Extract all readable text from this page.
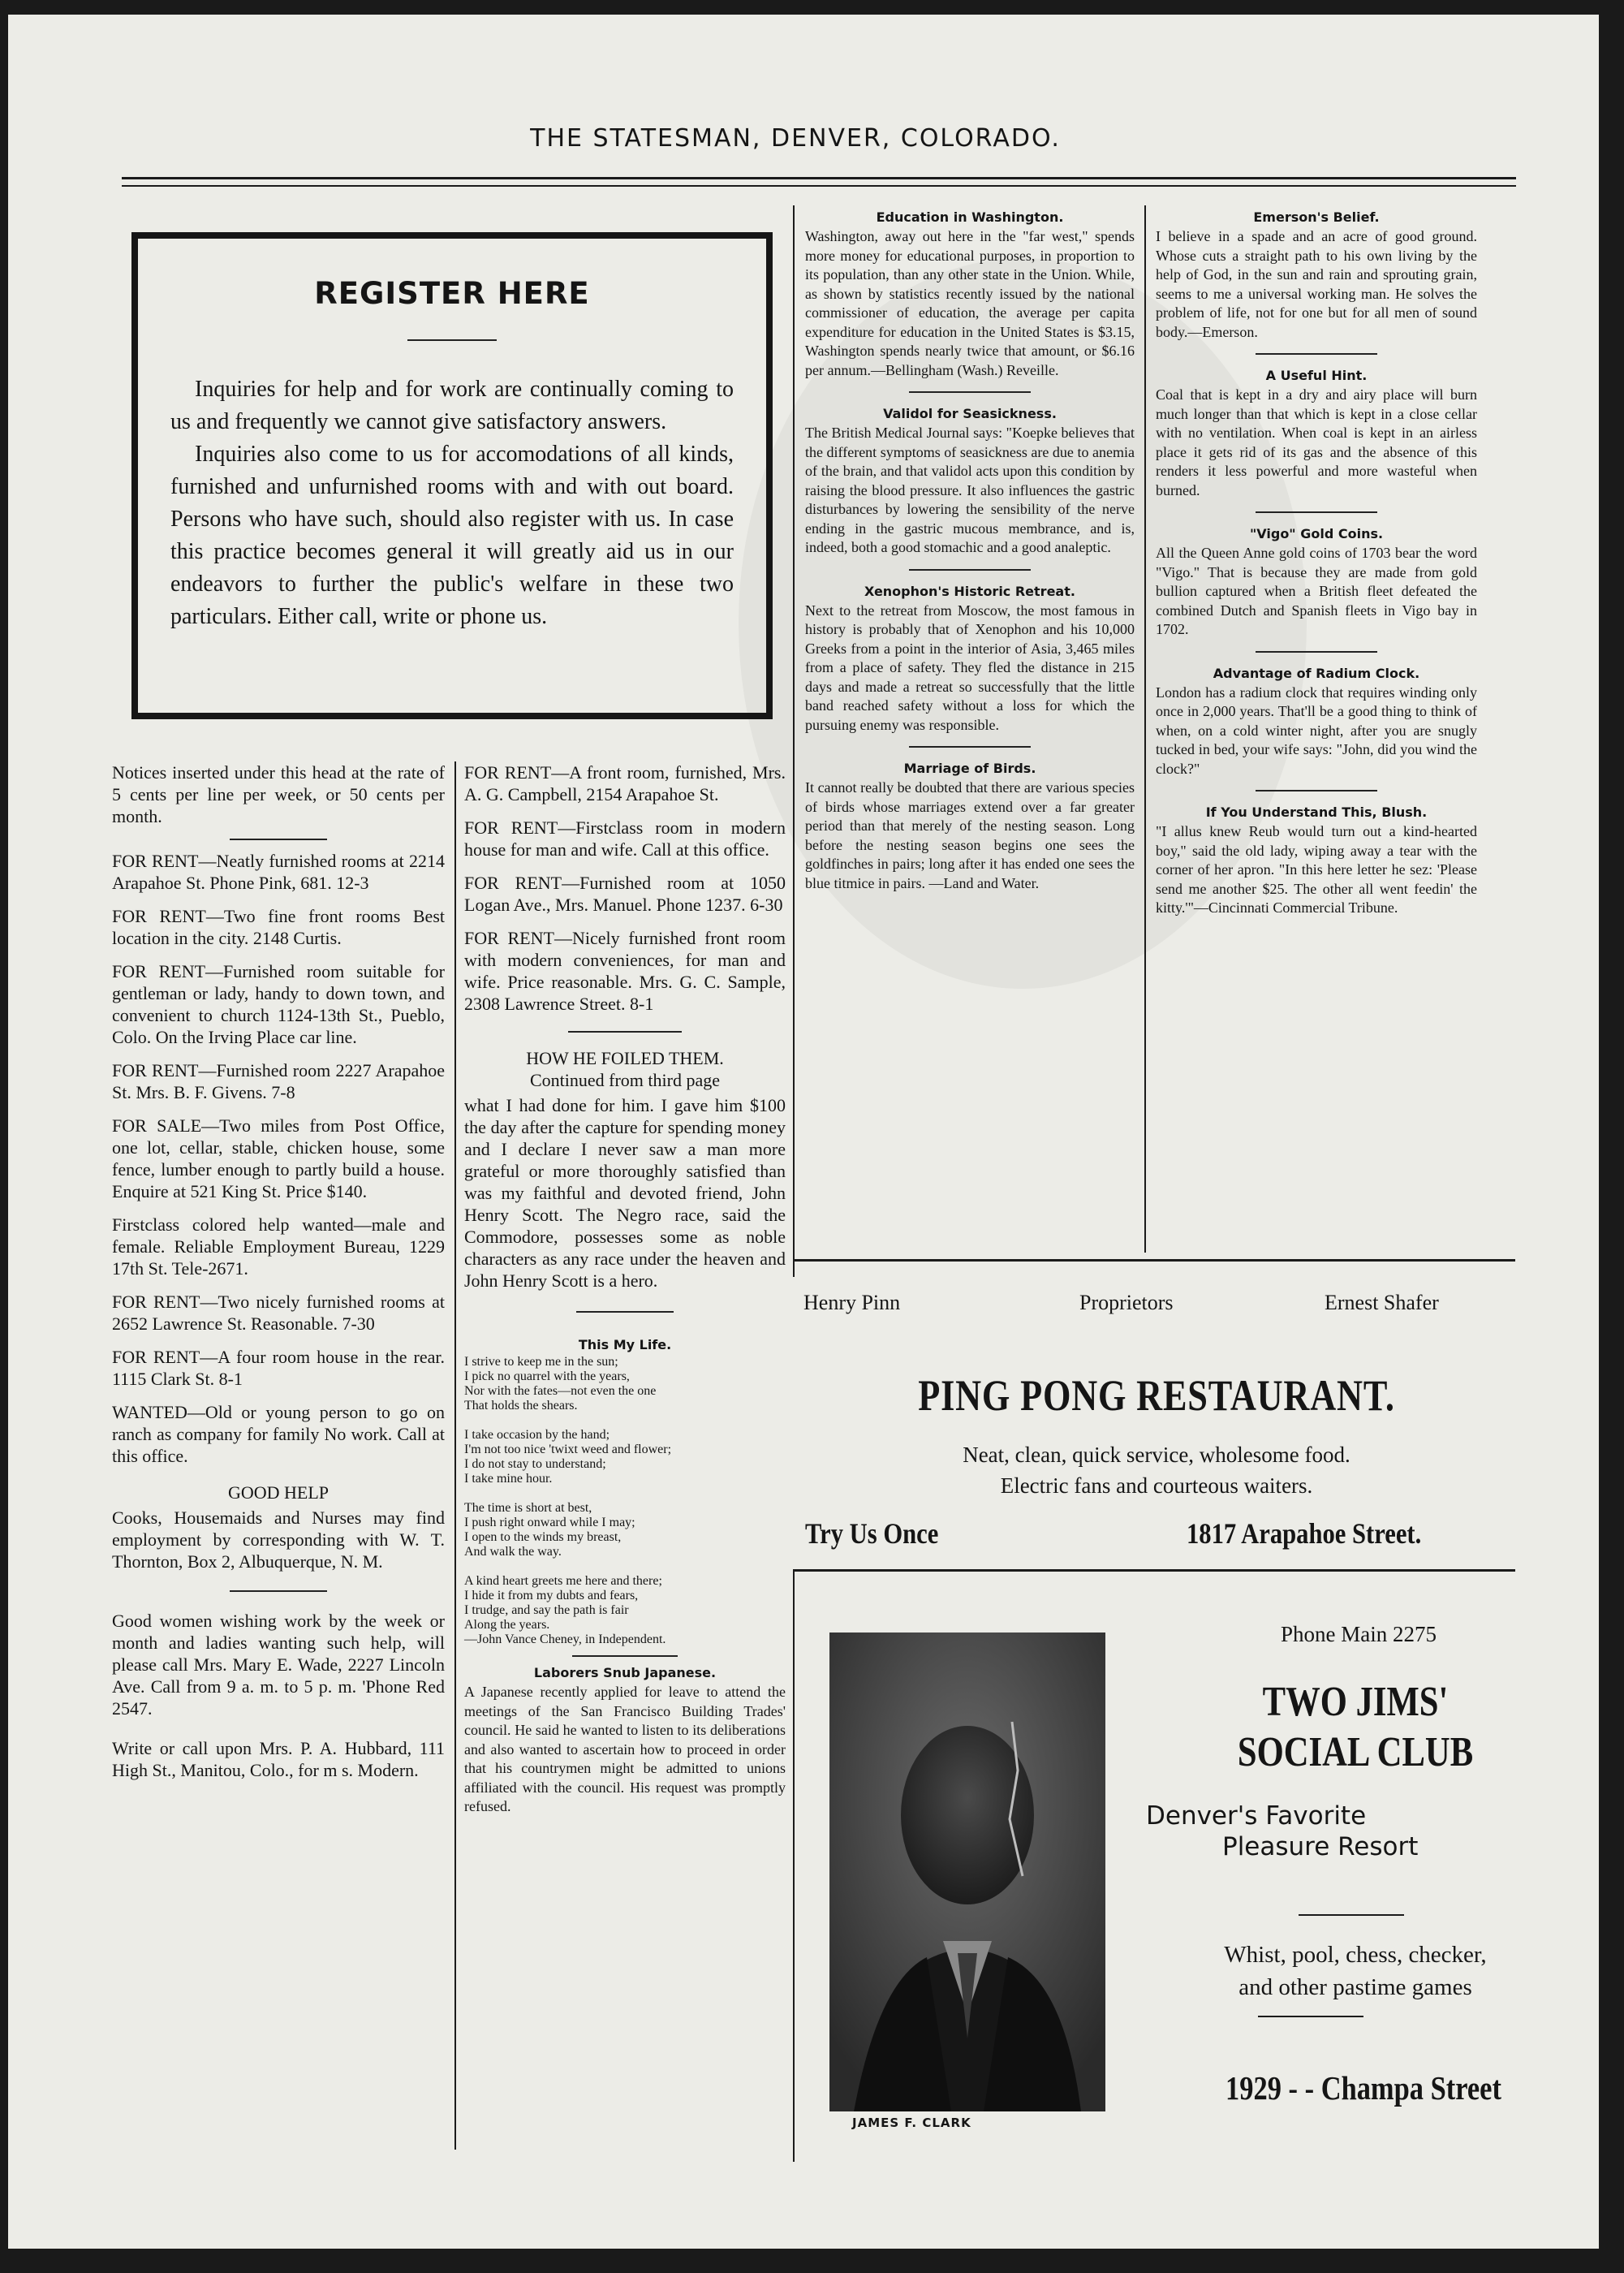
THE STATESMAN, DENVER, COLORADO.
REGISTER HERE

Inquiries for help and for work are continually coming to us and frequently we cannot give satisfactory answers.

Inquiries also come to us for accomodations of all kinds, furnished and unfurnished rooms with and with out board. Persons who have such, should also register with us. In case this practice becomes general it will greatly aid us in our endeavors to further the public's welfare in these two particulars. Either call, write or phone us.

Notices inserted under this head at the rate of 5 cents per line per week, or 50 cents per month.

FOR RENT—Neatly furnished rooms at 2214 Arapahoe St. Phone Pink, 681. 12-3

FOR RENT—Two fine front rooms Best location in the city. 2148 Curtis.

FOR RENT—Furnished room suitable for gentleman or lady, handy to down town, and convenient to church 1124-13th St., Pueblo, Colo. On the Irving Place car line.

FOR RENT—Furnished room 2227 Arapahoe St. Mrs. B. F. Givens. 7-8

FOR SALE—Two miles from Post Office, one lot, cellar, stable, chicken house, some fence, lumber enough to partly build a house. Enquire at 521 King St. Price $140.

Firstclass colored help wanted—male and female. Reliable Employment Bureau, 1229 17th St. Tele-2671.

FOR RENT—Two nicely furnished rooms at 2652 Lawrence St. Reasonable. 7-30

FOR RENT—A four room house in the rear. 1115 Clark St. 8-1

WANTED—Old or young person to go on ranch as company for family No work. Call at this office.

GOOD HELP

Cooks, Housemaids and Nurses may find employment by corresponding with W. T. Thornton, Box 2, Albuquerque, N. M.

Good women wishing work by the week or month and ladies wanting such help, will please call Mrs. Mary E. Wade, 2227 Lincoln Ave. Call from 9 a. m. to 5 p. m. 'Phone Red 2547.

Write or call upon Mrs. P. A. Hubbard, 111 High St., Manitou, Colo., for m s. Modern.

FOR RENT—A front room, furnished, Mrs. A. G. Campbell, 2154 Arapahoe St.

FOR RENT—Firstclass room in modern house for man and wife. Call at this office.

FOR RENT—Furnished room at 1050 Logan Ave., Mrs. Manuel. Phone 1237. 6-30

FOR RENT—Nicely furnished front room with modern conveniences, for man and wife. Price reasonable. Mrs. G. C. Sample, 2308 Lawrence Street. 8-1

HOW HE FOILED THEM.

Continued from third page

what I had done for him. I gave him $100 the day after the capture for spending money and I declare I never saw a man more grateful or more thoroughly satisfied than was my faithful and devoted friend, John Henry Scott. The Negro race, said the Commodore, possesses some as noble characters as any race under the heaven and John Henry Scott is a hero.

This My Life.
I strive to keep me in the sun;
I pick no quarrel with the years,
Nor with the fates—not even the one
That holds the shears.

I take occasion by the hand;
I'm not too nice 'twixt weed and flower;
I do not stay to understand;
I take mine hour.

The time is short at best,
I push right onward while I may;
I open to the winds my breast,
And walk the way.

A kind heart greets me here and there;
I hide it from my dubts and fears,
I trudge, and say the path is fair
Along the years.
—John Vance Cheney, in Independent.
Laborers Snub Japanese.

A Japanese recently applied for leave to attend the meetings of the San Francisco Building Trades' council. He said he wanted to listen to its deliberations and also wanted to ascertain how to proceed in order that his countrymen might be admitted to unions affiliated with the council. His request was promptly refused.

Education in Washington.

Washington, away out here in the "far west," spends more money for educational purposes, in proportion to its population, than any other state in the Union. While, as shown by statistics recently issued by the national commissioner of education, the average per capita expenditure for education in the United States is $3.15, Washington spends nearly twice that amount, or $6.16 per annum.—Bellingham (Wash.) Reveille.

Validol for Seasickness.

The British Medical Journal says: "Koepke believes that the different symptoms of seasickness are due to anemia of the brain, and that validol acts upon this condition by raising the blood pressure. It also influences the gastric disturbances by lowering the sensibility of the nerve ending in the gastric mucous membrance, and is, indeed, both a good stomachic and a good analeptic.

Xenophon's Historic Retreat.

Next to the retreat from Moscow, the most famous in history is probably that of Xenophon and his 10,000 Greeks from a point in the interior of Asia, 3,465 miles from a place of safety. They fled the distance in 215 days and made a retreat so successfully that the little band reached safety without a loss for which the pursuing enemy was responsible.

Marriage of Birds.

It cannot really be doubted that there are various species of birds whose marriages extend over a far greater period than that merely of the nesting season. Long before the nesting season begins one sees the goldfinches in pairs; long after it has ended one sees the blue titmice in pairs. —Land and Water.

Emerson's Belief.

I believe in a spade and an acre of good ground. Whose cuts a straight path to his own living by the help of God, in the sun and rain and sprouting grain, seems to me a universal working man. He solves the problem of life, not for one but for all men of sound body.—Emerson.

A Useful Hint.

Coal that is kept in a dry and airy place will burn much longer than that which is kept in a close cellar with no ventilation. When coal is kept in an airless place it gets rid of its gas and the absence of this renders it less powerful and more wasteful when burned.

"Vigo" Gold Coins.

All the Queen Anne gold coins of 1703 bear the word "Vigo." That is because they are made from gold bullion captured when a British fleet defeated the combined Dutch and Spanish fleets in Vigo bay in 1702.

Advantage of Radium Clock.

London has a radium clock that requires winding only once in 2,000 years. That'll be a good thing to think of when, on a cold winter night, after you are snugly tucked in bed, your wife says: "John, did you wind the clock?"

If You Understand This, Blush.

"I allus knew Reub would turn out a kind-hearted boy," said the old lady, wiping away a tear with the corner of her apron. "In this here letter he sez: 'Please send me another $25. The other all went feedin' the kitty.'"—Cincinnati Commercial Tribune.

Henry Pinn	Proprietors	Ernest Shafer
PING PONG RESTAURANT.
Neat, clean, quick service, wholesome food.
Electric fans and courteous waiters.
Try Us Once	1817 Arapahoe Street.
JAMES F. CLARK
Phone Main 2275
TWO JIMS'
SOCIAL CLUB
Denver's Favorite
Pleasure Resort
Whist, pool, chess, checker,
and other pastime games
1929 - - Champa Street
